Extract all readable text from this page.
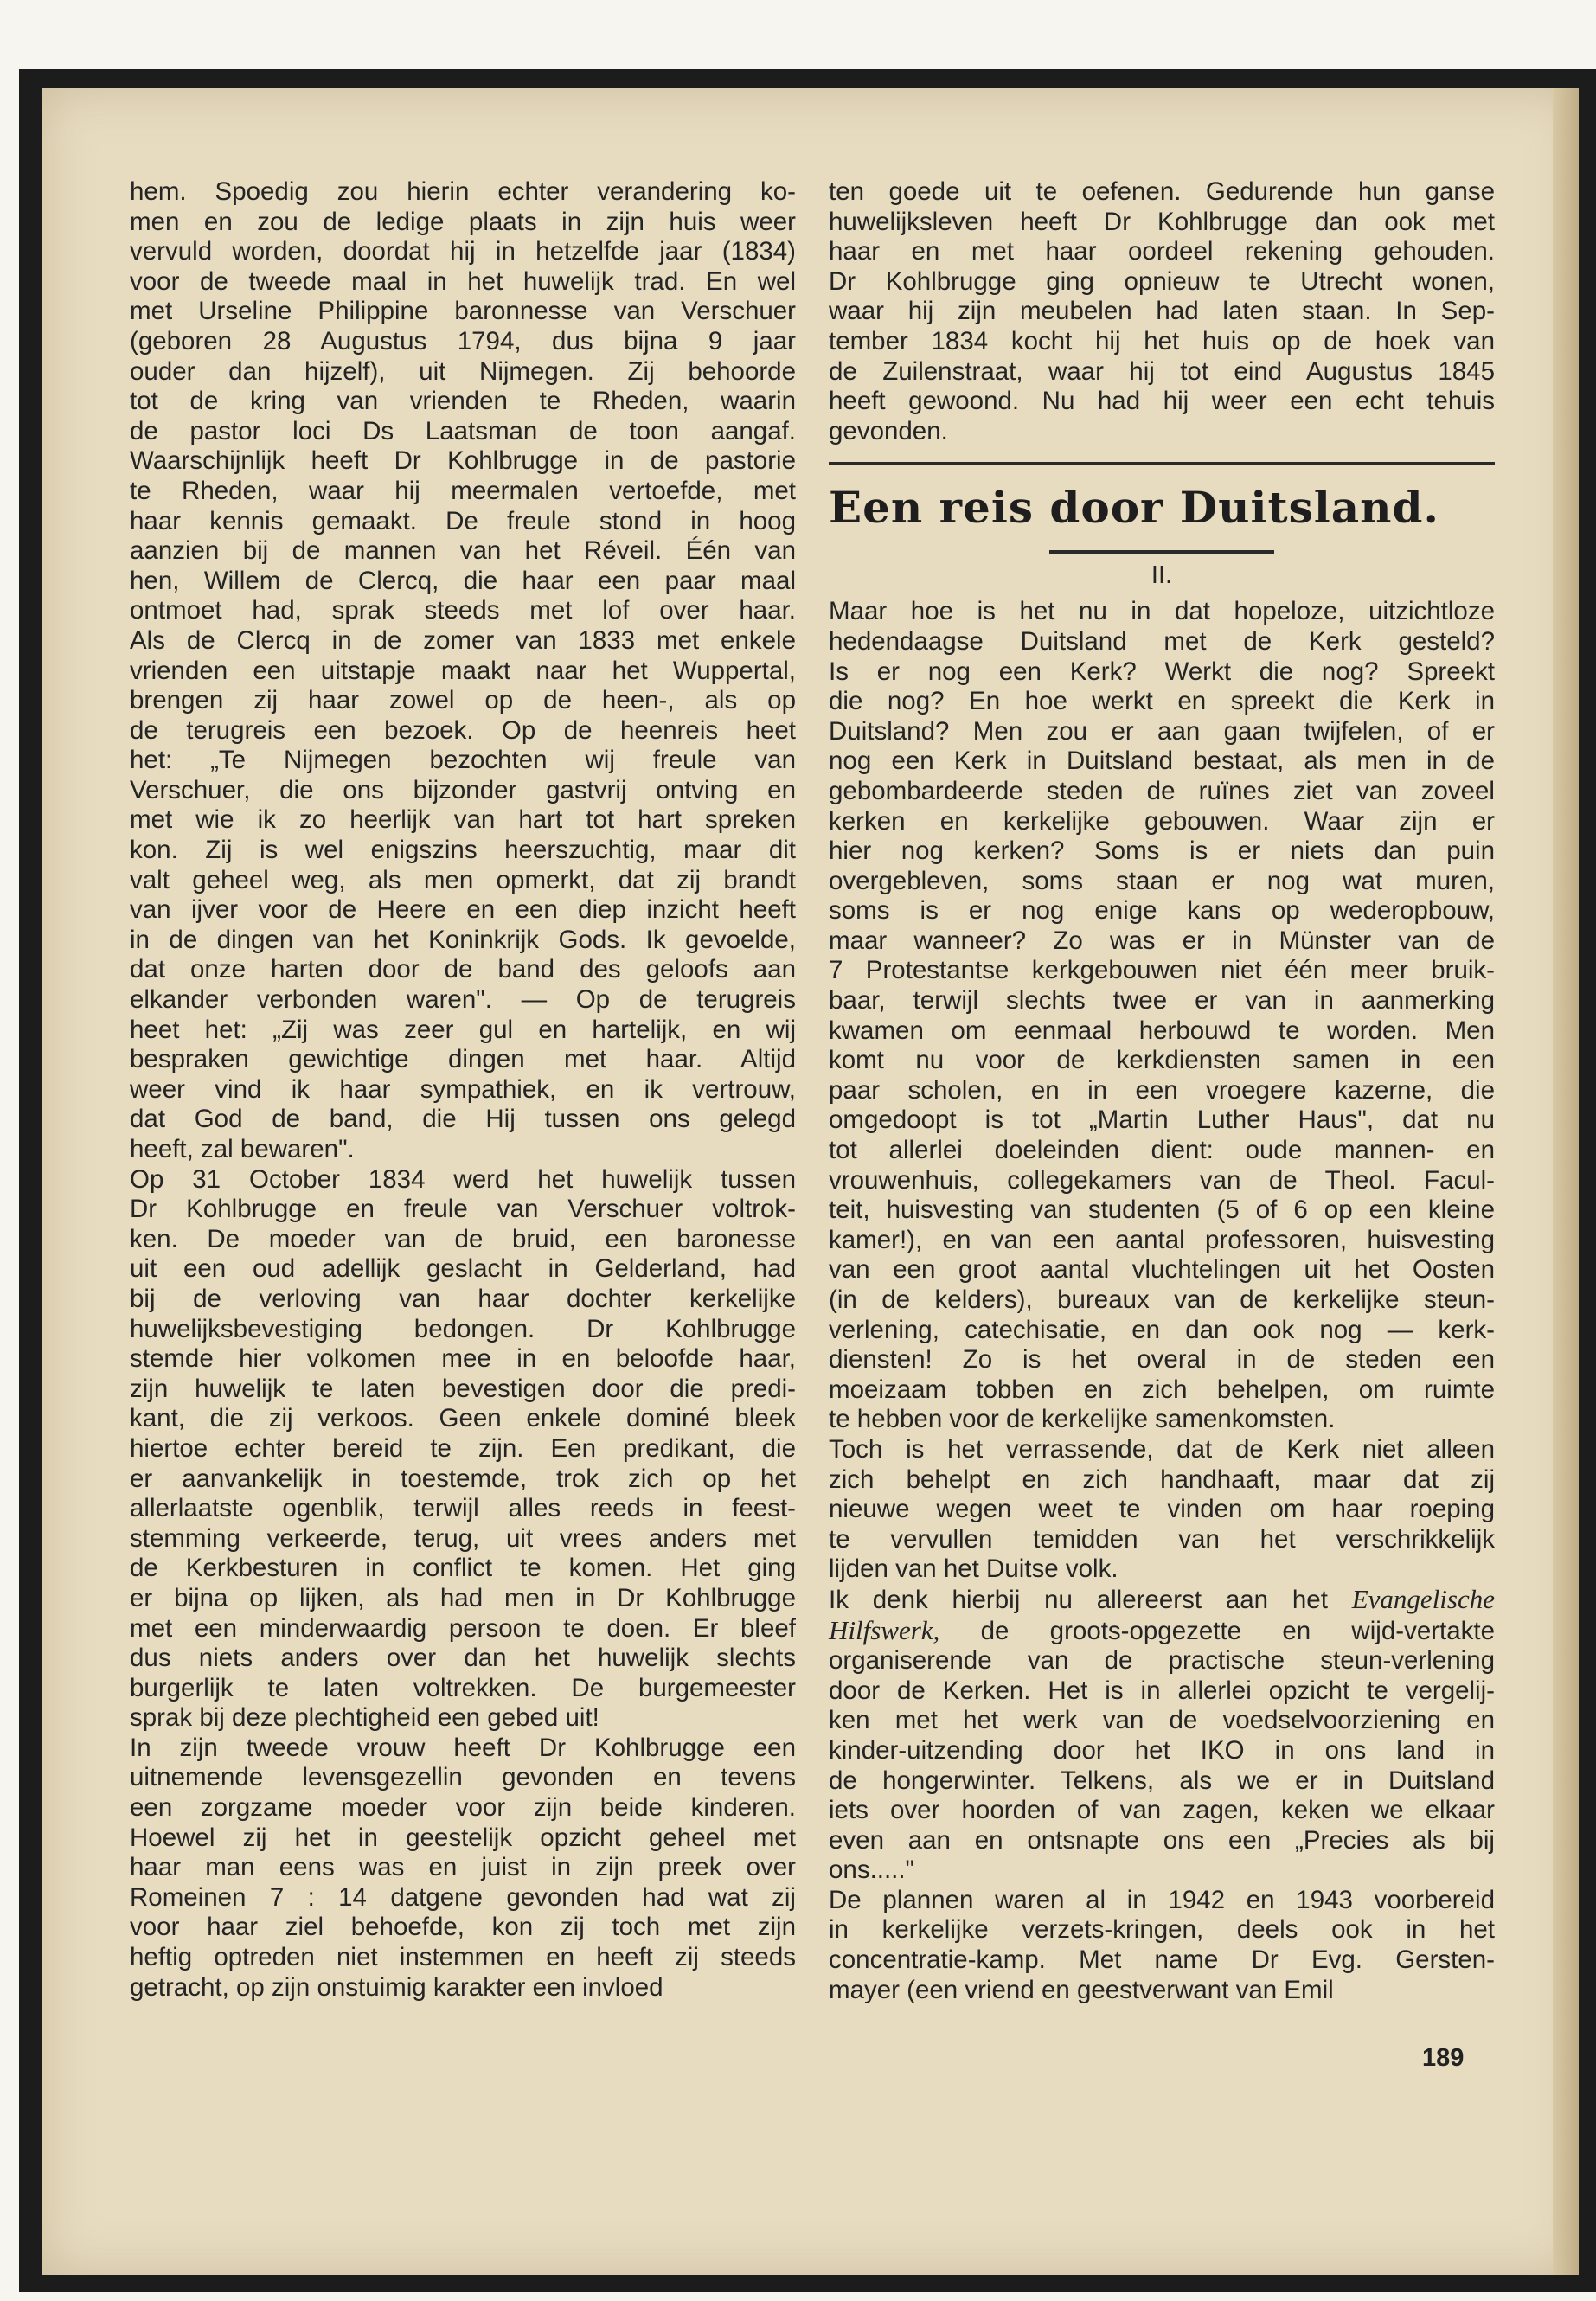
hem. Spoedig zou hierin echter verandering ko-
men en zou de ledige plaats in zijn huis weer
vervuld worden, doordat hij in hetzelfde jaar (1834)
voor de tweede maal in het huwelijk trad. En wel
met Urseline Philippine baronnesse van Verschuer
(geboren 28 Augustus 1794, dus bijna 9 jaar
ouder dan hijzelf), uit Nijmegen. Zij behoorde
tot de kring van vrienden te Rheden, waarin
de pastor loci Ds Laatsman de toon aangaf.
Waarschijnlijk heeft Dr Kohlbrugge in de pastorie
te Rheden, waar hij meermalen vertoefde, met
haar kennis gemaakt. De freule stond in hoog
aanzien bij de mannen van het Réveil. Één van
hen, Willem de Clercq, die haar een paar maal
ontmoet had, sprak steeds met lof over haar.
Als de Clercq in de zomer van 1833 met enkele
vrienden een uitstapje maakt naar het Wuppertal,
brengen zij haar zowel op de heen-, als op
de terugreis een bezoek. Op de heenreis heet
het: „Te Nijmegen bezochten wij freule van
Verschuer, die ons bijzonder gastvrij ontving en
met wie ik zo heerlijk van hart tot hart spreken
kon. Zij is wel enigszins heerszuchtig, maar dit
valt geheel weg, als men opmerkt, dat zij brandt
van ijver voor de Heere en een diep inzicht heeft
in de dingen van het Koninkrijk Gods. Ik gevoelde,
dat onze harten door de band des geloofs aan
elkander verbonden waren". — Op de terugreis
heet het: „Zij was zeer gul en hartelijk, en wij
bespraken gewichtige dingen met haar. Altijd
weer vind ik haar sympathiek, en ik vertrouw,
dat God de band, die Hij tussen ons gelegd
heeft, zal bewaren".
Op 31 October 1834 werd het huwelijk tussen
Dr Kohlbrugge en freule van Verschuer voltrok-
ken. De moeder van de bruid, een baronesse
uit een oud adellijk geslacht in Gelderland, had
bij de verloving van haar dochter kerkelijke
huwelijksbevestiging bedongen. Dr Kohlbrugge
stemde hier volkomen mee in en beloofde haar,
zijn huwelijk te laten bevestigen door die predi-
kant, die zij verkoos. Geen enkele dominé bleek
hiertoe echter bereid te zijn. Een predikant, die
er aanvankelijk in toestemde, trok zich op het
allerlaatste ogenblik, terwijl alles reeds in feest-
stemming verkeerde, terug, uit vrees anders met
de Kerkbesturen in conflict te komen. Het ging
er bijna op lijken, als had men in Dr Kohlbrugge
met een minderwaardig persoon te doen. Er bleef
dus niets anders over dan het huwelijk slechts
burgerlijk te laten voltrekken. De burgemeester
sprak bij deze plechtigheid een gebed uit!
In zijn tweede vrouw heeft Dr Kohlbrugge een
uitnemende levensgezellin gevonden en tevens
een zorgzame moeder voor zijn beide kinderen.
Hoewel zij het in geestelijk opzicht geheel met
haar man eens was en juist in zijn preek over
Romeinen 7 : 14 datgene gevonden had wat zij
voor haar ziel behoefde, kon zij toch met zijn
heftig optreden niet instemmen en heeft zij steeds
getracht, op zijn onstuimig karakter een invloed
ten goede uit te oefenen. Gedurende hun ganse
huwelijksleven heeft Dr Kohlbrugge dan ook met
haar en met haar oordeel rekening gehouden.
Dr Kohlbrugge ging opnieuw te Utrecht wonen,
waar hij zijn meubelen had laten staan. In Sep-
tember 1834 kocht hij het huis op de hoek van
de Zuilenstraat, waar hij tot eind Augustus 1845
heeft gewoond. Nu had hij weer een echt tehuis
gevonden.
Een reis door Duitsland.
II.
Maar hoe is het nu in dat hopeloze, uitzichtloze
hedendaagse Duitsland met de Kerk gesteld?
Is er nog een Kerk? Werkt die nog? Spreekt
die nog? En hoe werkt en spreekt die Kerk in
Duitsland? Men zou er aan gaan twijfelen, of er
nog een Kerk in Duitsland bestaat, als men in de
gebombardeerde steden de ruïnes ziet van zoveel
kerken en kerkelijke gebouwen. Waar zijn er
hier nog kerken? Soms is er niets dan puin
overgebleven, soms staan er nog wat muren,
soms is er nog enige kans op wederopbouw,
maar wanneer? Zo was er in Münster van de
7 Protestantse kerkgebouwen niet één meer bruik-
baar, terwijl slechts twee er van in aanmerking
kwamen om eenmaal herbouwd te worden. Men
komt nu voor de kerkdiensten samen in een
paar scholen, en in een vroegere kazerne, die
omgedoopt is tot „Martin Luther Haus", dat nu
tot allerlei doeleinden dient: oude mannen- en
vrouwenhuis, collegekamers van de Theol. Facul-
teit, huisvesting van studenten (5 of 6 op een kleine
kamer!), en van een aantal professoren, huisvesting
van een groot aantal vluchtelingen uit het Oosten
(in de kelders), bureaux van de kerkelijke steun-
verlening, catechisatie, en dan ook nog — kerk-
diensten! Zo is het overal in de steden een
moeizaam tobben en zich behelpen, om ruimte
te hebben voor de kerkelijke samenkomsten.
Toch is het verrassende, dat de Kerk niet alleen
zich behelpt en zich handhaaft, maar dat zij
nieuwe wegen weet te vinden om haar roeping
te vervullen temidden van het verschrikkelijk
lijden van het Duitse volk.
Ik denk hierbij nu allereerst aan het Evangelische
Hilfswerk, de groots-opgezette en wijd-vertakte
organiserende van de practische steun-verlening
door de Kerken. Het is in allerlei opzicht te vergelij-
ken met het werk van de voedselvoorziening en
kinder-uitzending door het IKO in ons land in
de hongerwinter. Telkens, als we er in Duitsland
iets over hoorden of van zagen, keken we elkaar
even aan en ontsnapte ons een „Precies als bij
ons....."
De plannen waren al in 1942 en 1943 voorbereid
in kerkelijke verzets-kringen, deels ook in het
concentratie-kamp. Met name Dr Evg. Gersten-
mayer (een vriend en geestverwant van Emil
189
